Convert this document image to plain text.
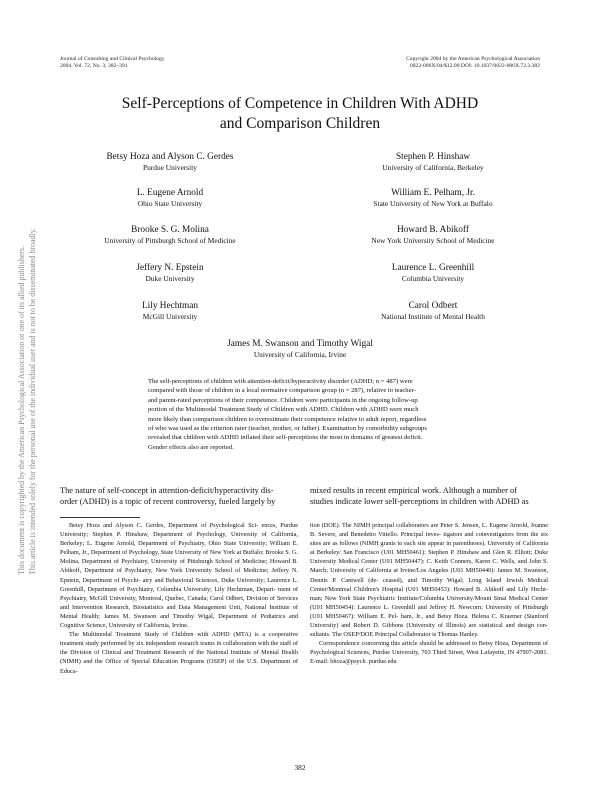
Journal of Consulting and Clinical Psychology
2004, Vol. 72, No. 3, 382–391
Copyright 2004 by the American Psychological Association
0022-006X/04/$12.00 DOI: 10.1037/0022-006X.72.3.382
Self-Perceptions of Competence in Children With ADHD
and Comparison Children
Betsy Hoza and Alyson C. Gerdes
Purdue University
Stephen P. Hinshaw
University of California, Berkeley
L. Eugene Arnold
Ohio State University
William E. Pelham, Jr.
State University of New York at Buffalo
Brooke S. G. Molina
University of Pittsburgh School of Medicine
Howard B. Abikoff
New York University School of Medicine
Jeffery N. Epstein
Duke University
Laurence L. Greenhill
Columbia University
Lily Hechtman
McGill University
Carol Odbert
National Institute of Mental Health
James M. Swanson and Timothy Wigal
University of California, Irvine
The self-perceptions of children with attention-deficit/hyperactivity disorder (ADHD; n = 487) were
compared with those of children in a local normative comparison group (n = 287), relative to teacher-
and parent-rated perceptions of their competence. Children were participants in the ongoing follow-up
portion of the Multimodal Treatment Study of Children with ADHD. Children with ADHD were much
more likely than comparison children to overestimate their competence relative to adult report, regardless
of who was used as the criterion rater (teacher, mother, or father). Examination by comorbidity subgroups
revealed that children with ADHD inflated their self-perceptions the most in domains of greatest deficit.
Gender effects also are reported.
The nature of self-concept in attention-deficit/hyperactivity dis-
order (ADHD) is a topic of recent controversy, fueled largely by
mixed results in recent empirical work. Although a number of
studies indicate lower self-perceptions in children with ADHD as

Betsy Hoza and Alyson C. Gerdes, Department of Psychological Sci- ences, Purdue University; Stephen P. Hinshaw, Department of Psychology, University of California, Berkeley; L. Eugene Arnold, Department of Psychiatry, Ohio State University; William E. Pelham, Jr., Department of Psychology, State University of New York at Buffalo; Brooke S. G. Molina, Department of Psychiatry, University of Pittsburgh School of Medicine; Howard B. Abikoff, Department of Psychiatry, New York University School of Medicine; Jeffery N. Epstein, Department of Psychi- atry and Behavioral Sciences, Duke University; Laurence L. Greenhill, Department of Psychiatry, Columbia University; Lily Hechtman, Depart- ment of Psychiatry, McGill University, Montreal, Quebec, Canada; Carol Odbert, Division of Services and Intervention Research, Biostatistics and Data Management Unit, National Institute of Mental Health; James M. Swanson and Timothy Wigal, Department of Pediatrics and Cognitive Science, University of California, Irvine.

The Multimodal Treatment Study of Children with ADHD (MTA) is a cooperative treatment study performed by six independent research teams in collaboration with the staff of the Division of Clinical and Treatment Research of the National Institute of Mental Health (NIMH) and the Office of Special Education Programs (OSEP) of the U.S. Department of Educa-

tion (DOE). The NIMH principal collaborators are Peter S. Jensen, L. Eugene Arnold, Joanne B. Severe, and Benedetto Vitiello. Principal inves- tigators and coinvestigators from the six sites are as follows (NIMH grants to each site appear in parentheses). University of California at Berkeley/ San Francisco (U01 MH50461): Stephen P. Hinshaw and Glen R. Elliott; Duke University Medical Center (U01 MH50447): C. Keith Conners, Karen C. Wells, and John S. March; University of California at Irvine/Los Angeles (U01 MH50440): James M. Swanson, Dennis P. Cantwell (de- ceased), and Timothy Wigal; Long Island Jewish Medical Center/Montreal Children's Hospital (U01 MH50453): Howard B. Abikoff and Lily Hecht- man; New York State Psychiatric Institute/Columbia University/Mount Sinai Medical Center (U01 MH50454): Laurence L. Greenhill and Jeffrey H. Newcorn; University of Pittsburgh (U01 MH50467): William E. Pel- ham, Jr., and Betsy Hoza. Helena C. Kraemer (Stanford University) and Robert D. Gibbons (University of Illinois) are statistical and design con- sultants. The OSEP/DOE Principal Collaborator is Thomas Hanley.

Correspondence concerning this article should be addressed to Betsy Hoza, Department of Psychological Sciences, Purdue University, 703 Third Street, West Lafayette, IN 47907-2081. E-mail: bhoza@psych .purdue.edu

382
This document is copyrighted by the American Psychological Association or one of its allied publishers. This article is intended solely for the personal use of the individual user and is not to be disseminated broadly.
